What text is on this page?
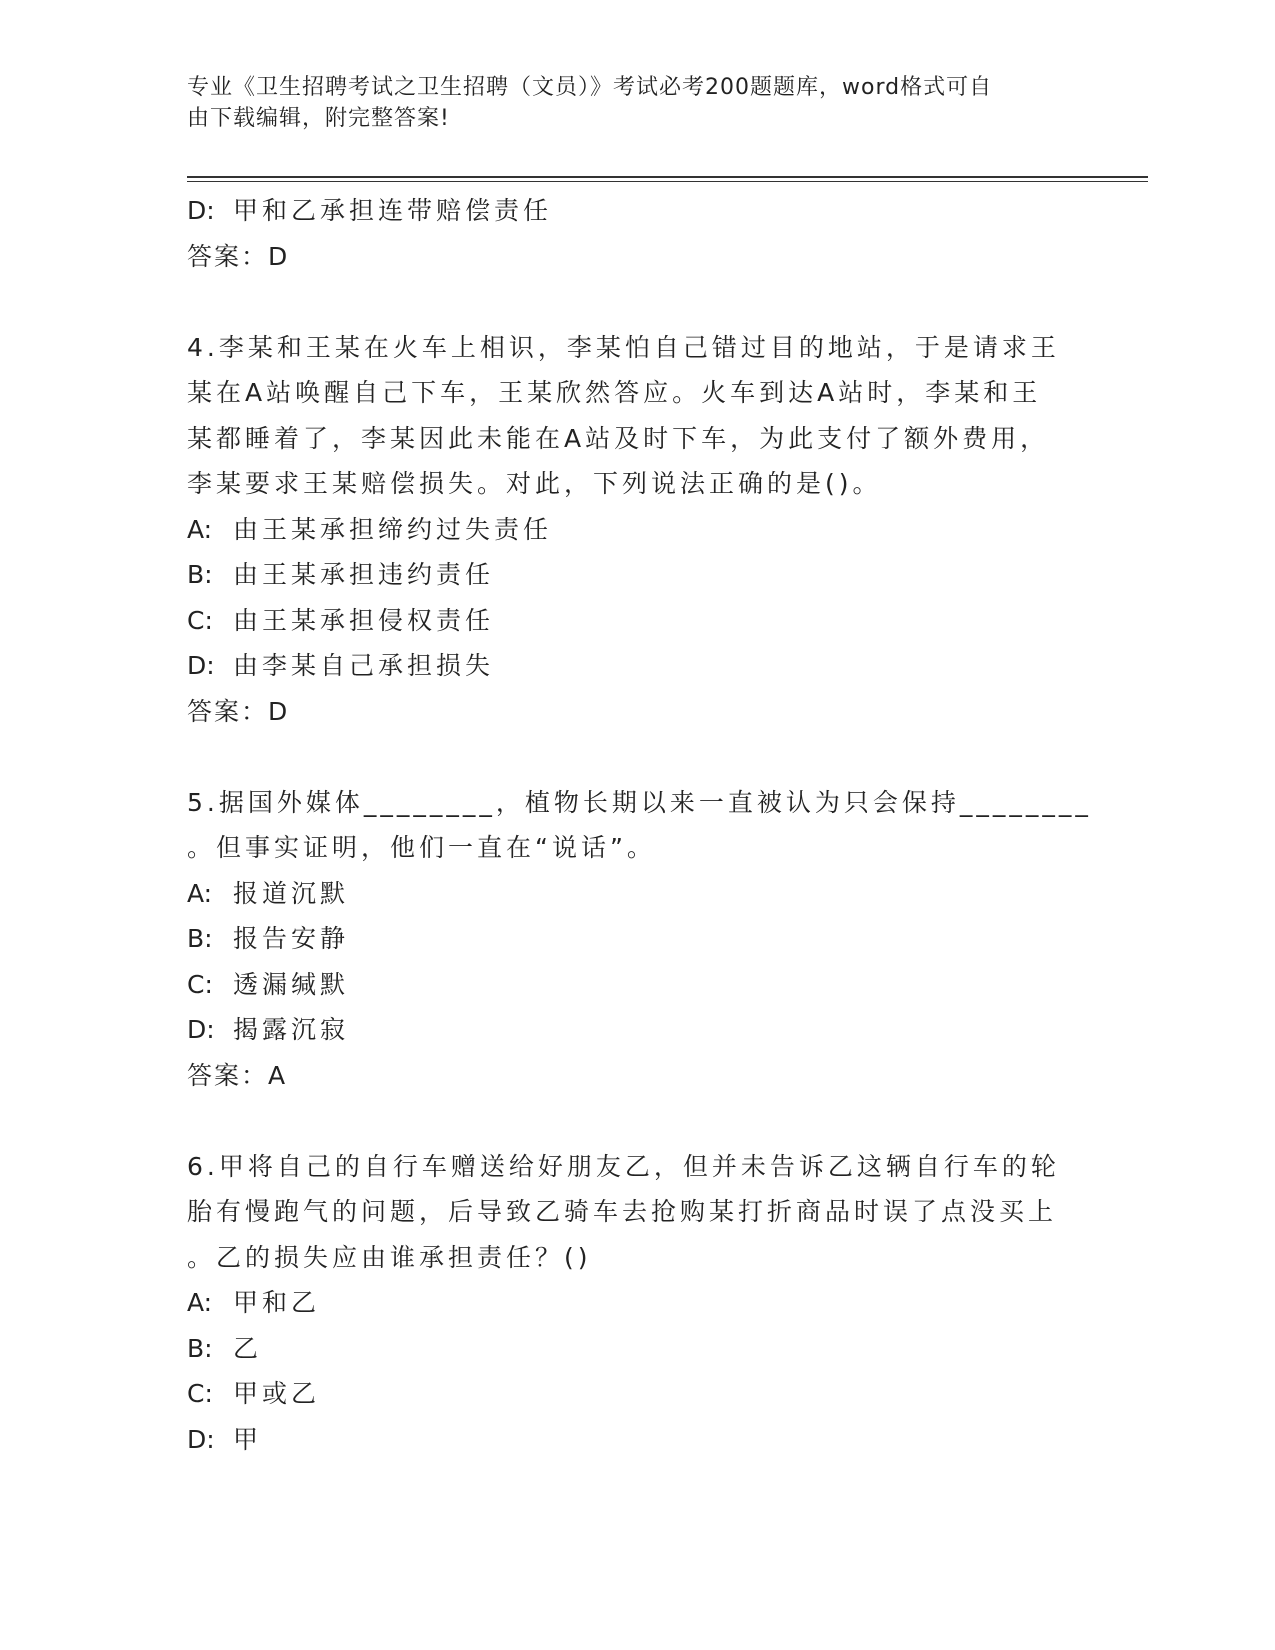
专业《卫生招聘考试之卫生招聘（文员）》考试必考200题题库，word格式可自
由下载编辑，附完整答案!
D: 甲和乙承担连带赔偿责任
答案：D
4.李某和王某在火车上相识，李某怕自己错过目的地站，于是请求王
某在A站唤醒自己下车，王某欣然答应。火车到达A站时，李某和王
某都睡着了，李某因此未能在A站及时下车，为此支付了额外费用，
李某要求王某赔偿损失。对此，下列说法正确的是()。
A: 由王某承担缔约过失责任
B: 由王某承担违约责任
C: 由王某承担侵权责任
D: 由李某自己承担损失
答案：D
5.据国外媒体________，植物长期以来一直被认为只会保持________
。但事实证明，他们一直在“说话”。
A: 报道沉默
B: 报告安静
C: 透漏缄默
D: 揭露沉寂
答案：A
6.甲将自己的自行车赠送给好朋友乙，但并未告诉乙这辆自行车的轮
胎有慢跑气的问题，后导致乙骑车去抢购某打折商品时误了点没买上
。乙的损失应由谁承担责任？()
A: 甲和乙
B: 乙
C: 甲或乙
D: 甲
